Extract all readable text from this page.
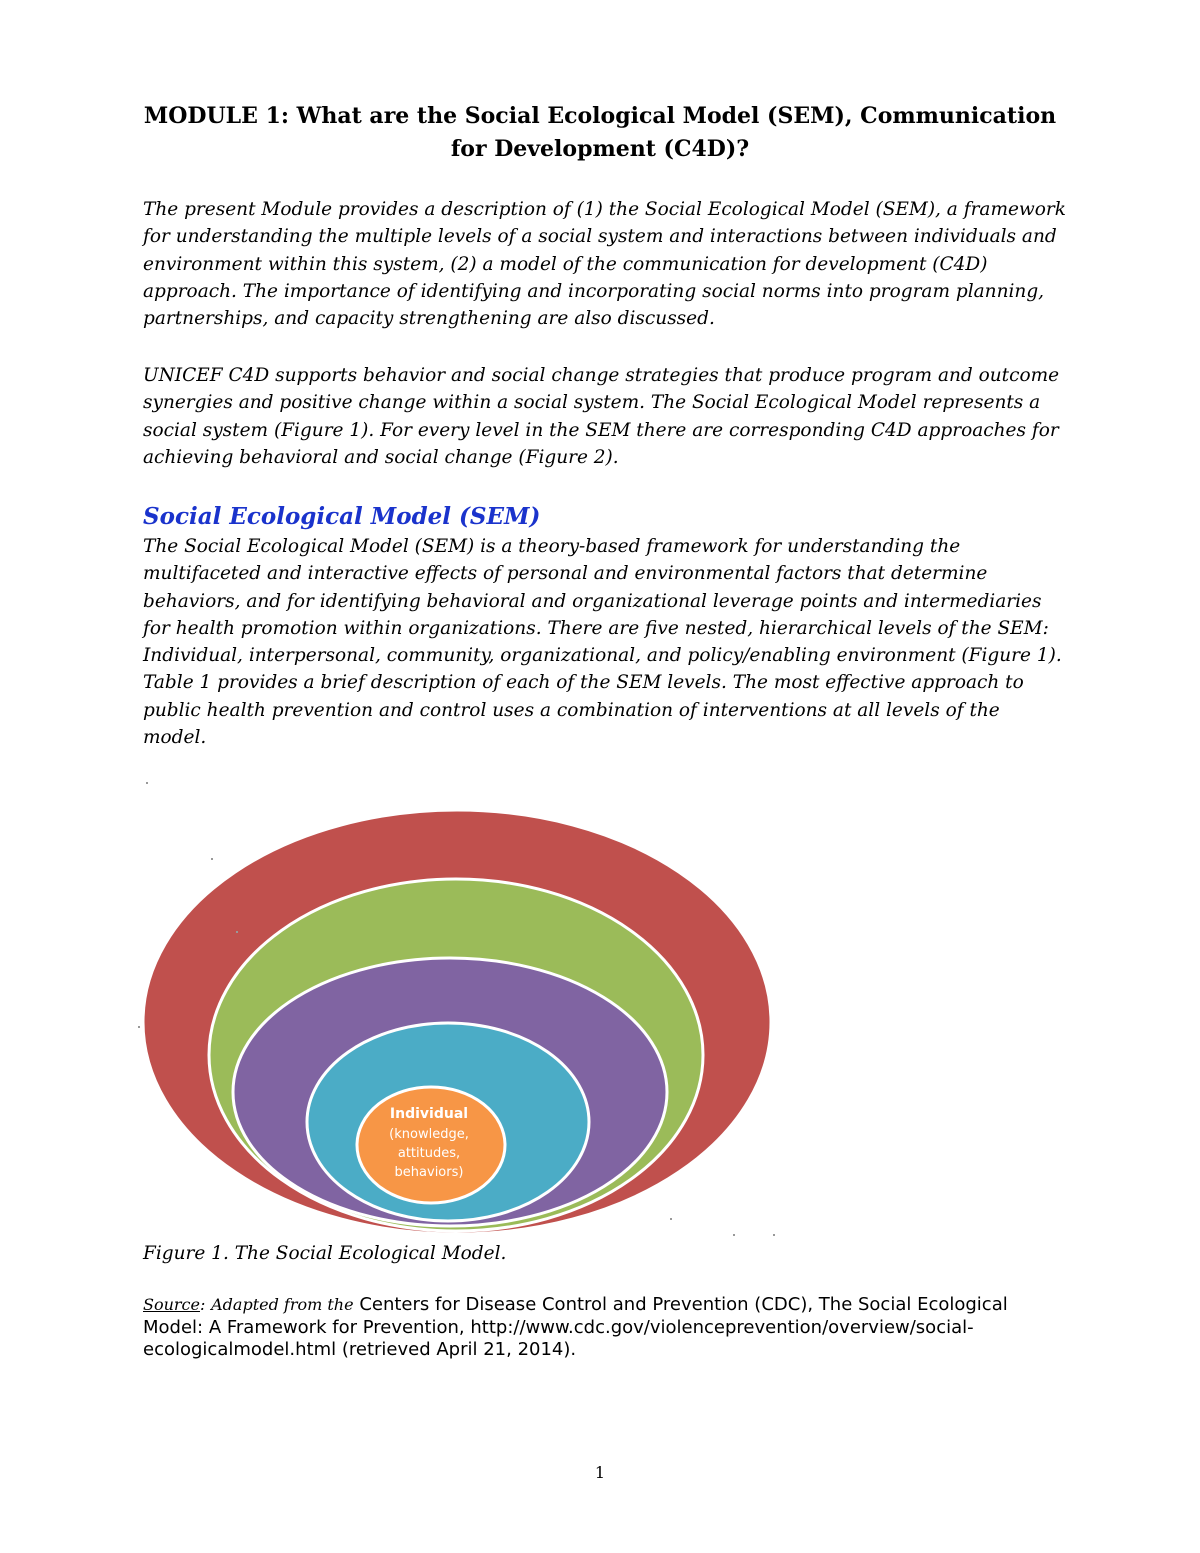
MODULE 1: What are the Social Ecological Model (SEM), Communication
for Development (C4D)?

The present Module provides a description of (1) the Social Ecological Model (SEM), a framework for understanding the multiple levels of a social system and interactions between individuals and environment within this system, (2) a model of the communication for development (C4D) approach. The importance of identifying and incorporating social norms into program planning, partnerships, and capacity strengthening are also discussed.

UNICEF C4D supports behavior and social change strategies that produce program and outcome synergies and positive change within a social system. The Social Ecological Model represents a social system (Figure 1). For every level in the SEM there are corresponding C4D approaches for achieving behavioral and social change (Figure 2).

Social Ecological Model (SEM)

The Social Ecological Model (SEM) is a theory-based framework for understanding the multifaceted and interactive effects of personal and environmental factors that determine behaviors, and for identifying behavioral and organizational leverage points and intermediaries for health promotion within organizations. There are five nested, hierarchical levels of the SEM: Individual, interpersonal, community, organizational, and policy/enabling environment (Figure 1). Table 1 provides a brief description of each of the SEM levels. The most effective approach to public health prevention and control uses a combination of interventions at all levels of the model.

Individual
(knowledge,
attitudes,
behaviors)

Figure 1. The Social Ecological Model.

Source: Adapted from the Centers for Disease Control and Prevention (CDC), The Social Ecological Model: A Framework for Prevention, http://www.cdc.gov/violenceprevention/overview/social-ecologicalmodel.html (retrieved April 21, 2014).

1
